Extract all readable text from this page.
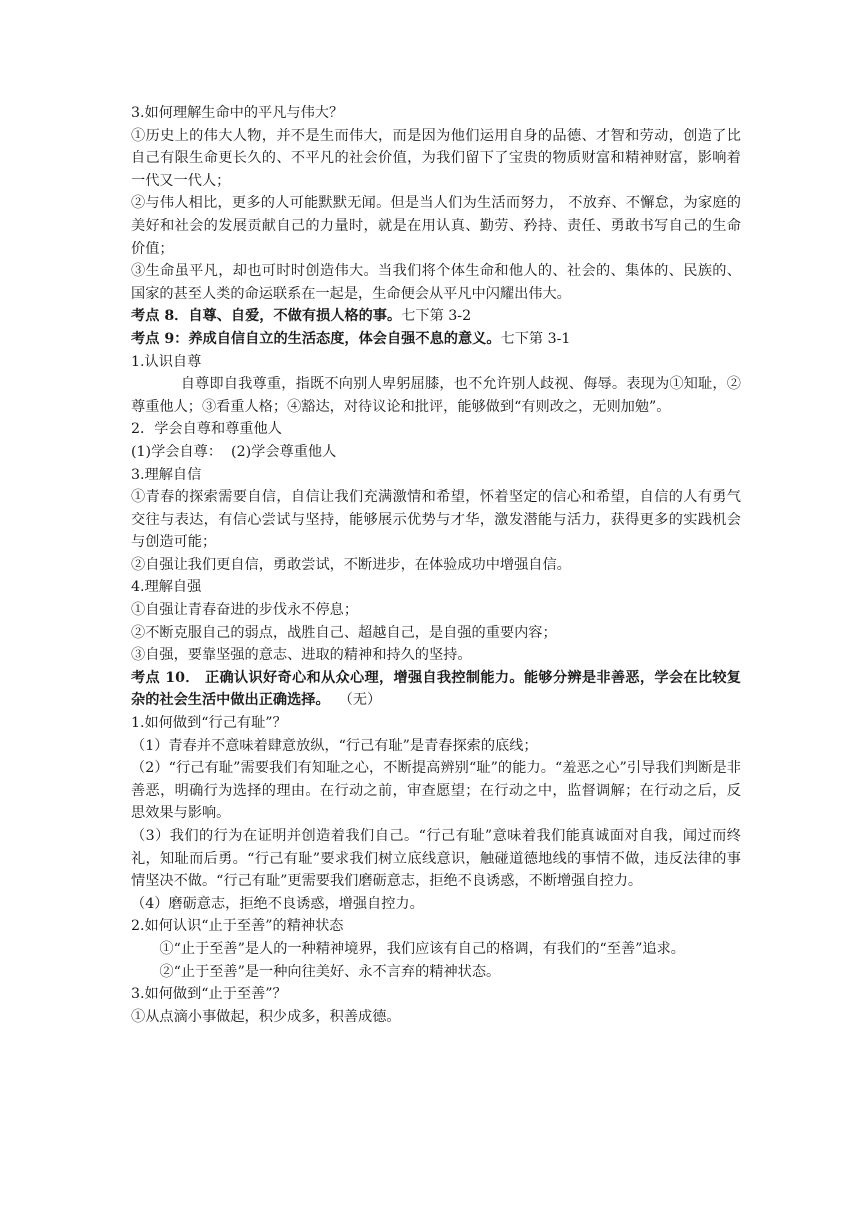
3.如何理解生命中的平凡与伟大？

①历史上的伟大人物，并不是生而伟大，而是因为他们运用自身的品德、才智和劳动，创造了比自己有限生命更长久的、不平凡的社会价值，为我们留下了宝贵的物质财富和精神财富，影响着一代又一代人；

②与伟人相比，更多的人可能默默无闻。但是当人们为生活而努力， 不放弃、不懈怠，为家庭的美好和社会的发展贡献自己的力量时，就是在用认真、勤劳、矜持、责任、勇敢书写自己的生命价值；

③生命虽平凡，却也可时时创造伟大。当我们将个体生命和他人的、社会的、集体的、民族的、国家的甚至人类的命运联系在一起是，生命便会从平凡中闪耀出伟大。

考点 8．自尊、自爱，不做有损人格的事。七下第 3-2

考点 9：养成自信自立的生活态度，体会自强不息的意义。七下第 3-1

1.认识自尊

自尊即自我尊重，指既不向别人卑躬屈膝，也不允许别人歧视、侮辱。表现为①知耻，②尊重他人；③看重人格；④豁达，对待议论和批评，能够做到“有则改之，无则加勉”。

2．学会自尊和尊重他人

(1)学会自尊：  (2)学会尊重他人

3.理解自信

①青春的探索需要自信，自信让我们充满激情和希望，怀着坚定的信心和希望，自信的人有勇气交往与表达，有信心尝试与坚持，能够展示优势与才华，激发潜能与活力，获得更多的实践机会与创造可能；

②自强让我们更自信，勇敢尝试，不断进步，在体验成功中增强自信。

4.理解自强

①自强让青春奋进的步伐永不停息；

②不断克服自己的弱点，战胜自己、超越自己，是自强的重要内容；

③自强，要靠坚强的意志、进取的精神和持久的坚持。

考点 10． 正确认识好奇心和从众心理，增强自我控制能力。能够分辨是非善恶，学会在比较复杂的社会生活中做出正确选择。  （无）

1.如何做到“行己有耻”？

（1）青春并不意味着肆意放纵，“行己有耻”是青春探索的底线；

（2）“行己有耻”需要我们有知耻之心，不断提高辨别“耻”的能力。“羞恶之心”引导我们判断是非善恶，明确行为选择的理由。在行动之前，审查愿望；在行动之中，监督调解；在行动之后，反思效果与影响。

（3）我们的行为在证明并创造着我们自己。“行己有耻”意味着我们能真诚面对自我，闻过而终礼，知耻而后勇。“行己有耻”要求我们树立底线意识，触碰道德地线的事情不做，违反法律的事情坚决不做。“行己有耻”更需要我们磨砺意志，拒绝不良诱惑，不断增强自控力。

（4）磨砺意志，拒绝不良诱惑，增强自控力。

2.如何认识“止于至善”的精神状态

①“止于至善”是人的一种精神境界，我们应该有自己的格调，有我们的“至善”追求。

②“止于至善”是一种向往美好、永不言弃的精神状态。

3.如何做到“止于至善”？

①从点滴小事做起，积少成多，积善成德。
